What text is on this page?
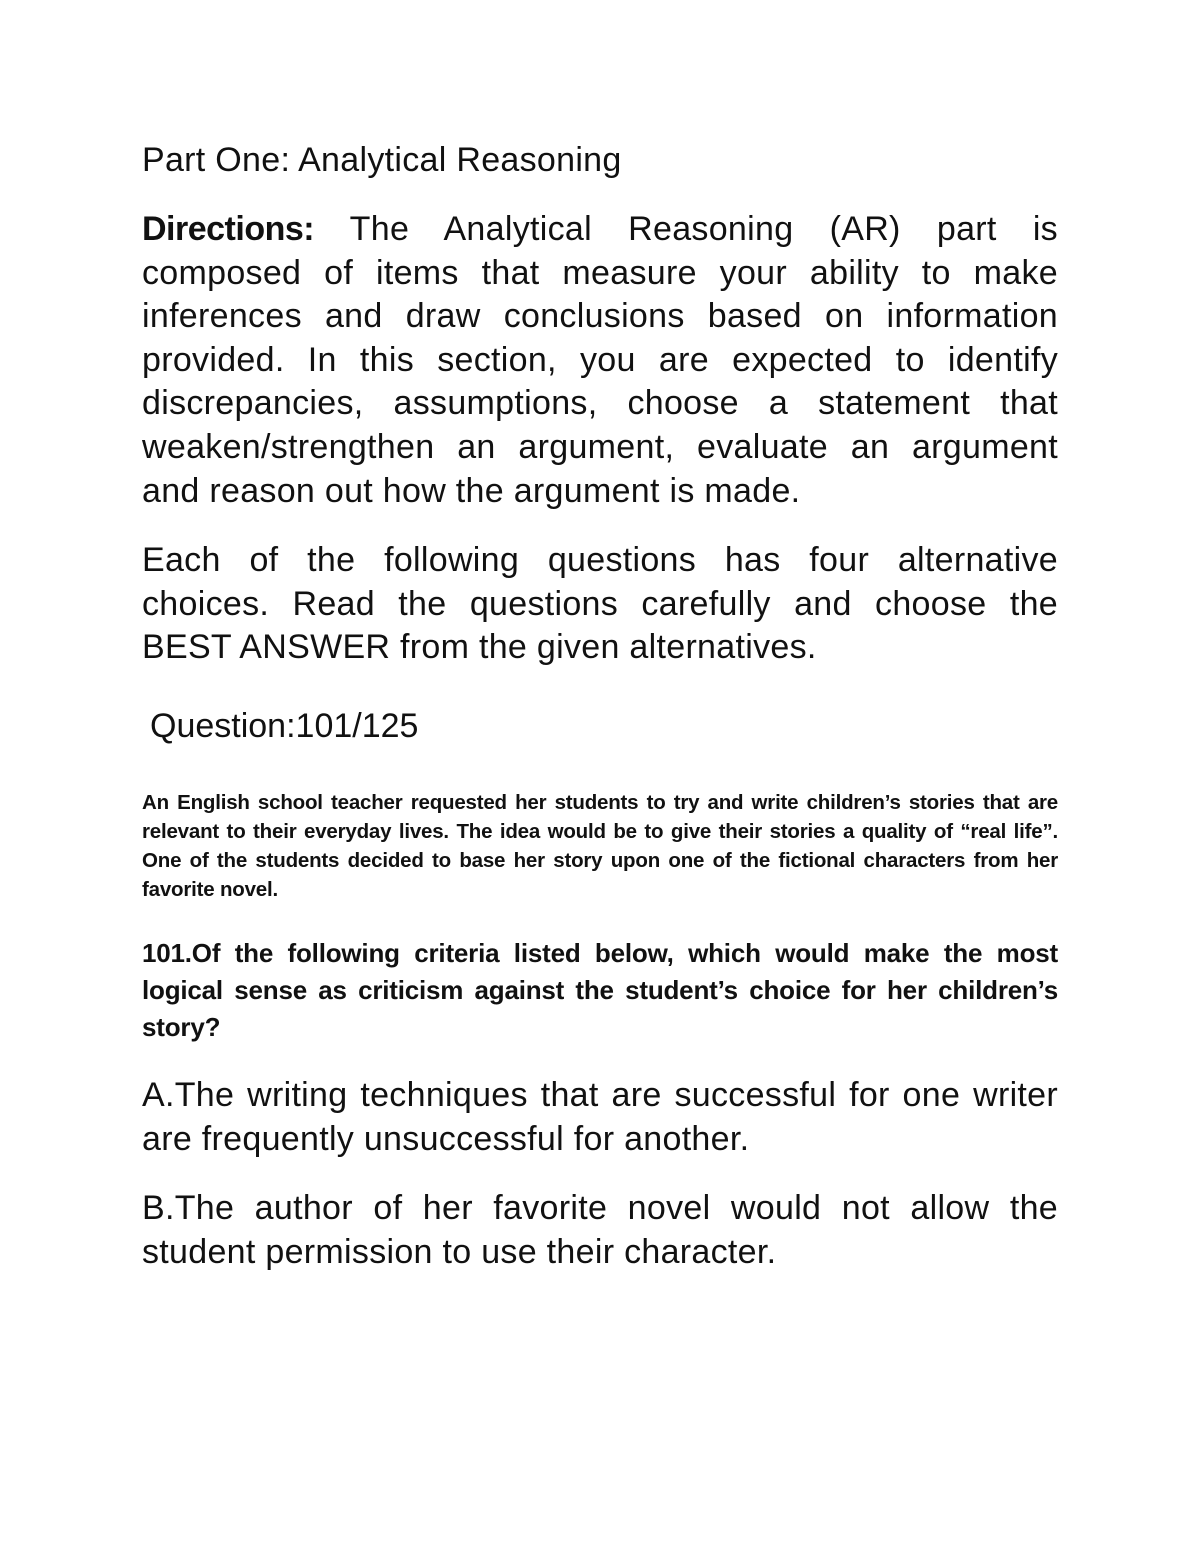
Part One: Analytical Reasoning

Directions: The Analytical Reasoning (AR) part is composed of items that measure your ability to make inferences and draw conclusions based on information provided. In this section, you are expected to identify discrepancies, assumptions, choose a statement that weaken/strengthen an argument, evaluate an argument and reason out how the argument is made.

Each of the following questions has four alternative choices. Read the questions carefully and choose the BEST ANSWER from the given alternatives.

Question:101/125

An English school teacher requested her students to try and write children’s stories that are relevant to their everyday lives. The idea would be to give their stories a quality of “real life”. One of the students decided to base her story upon one of the fictional characters from her favorite novel.

101.Of the following criteria listed below, which would make the most logical sense as criticism against the student’s choice for her children’s story?

A.The writing techniques that are successful for one writer are frequently unsuccessful for another.

B.The author of her favorite novel would not allow the student permission to use their character.
